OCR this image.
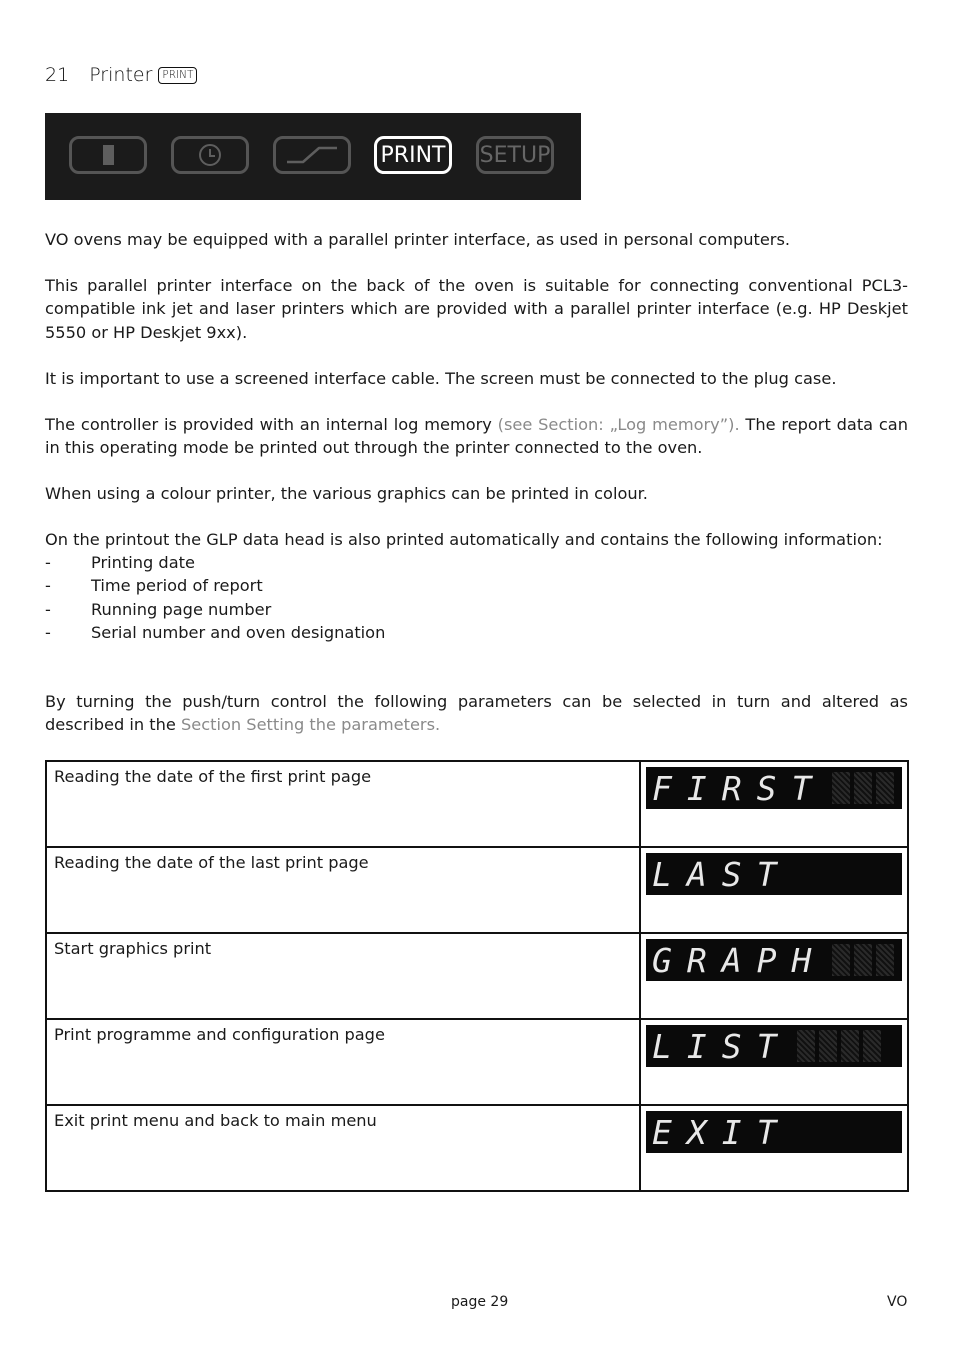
21 Printer PRINT
PRINT SETUP
VO ovens may be equipped with a parallel printer interface, as used in personal computers.
This parallel printer interface on the back of the oven is suitable for connecting conventional PCL3-compatible ink jet and laser printers which are provided with a parallel printer interface (e.g. HP Deskjet 5550 or HP Deskjet 9xx).
It is important to use a screened interface cable. The screen must be connected to the plug case.
The controller is provided with an internal log memory (see Section: „Log memory”). The report data can in this operating mode be printed out through the printer connected to the oven.
When using a colour printer, the various graphics can be printed in colour.
On the printout the GLP data head is also printed automatically and contains the following information:
-	Printing date
-	Time period of report
-	Running page number
-	Serial number and oven designation
By turning the push/turn control the following parameters can be selected in turn and altered as described in the Section Setting the parameters.
Reading the date of the first print page	FIRST

Reading the date of the last print page	LAST

Start graphics print	GRAPH

Print programme and configuration page	LIST

Exit print menu and back to main menu	EXIT
page 29	VO
